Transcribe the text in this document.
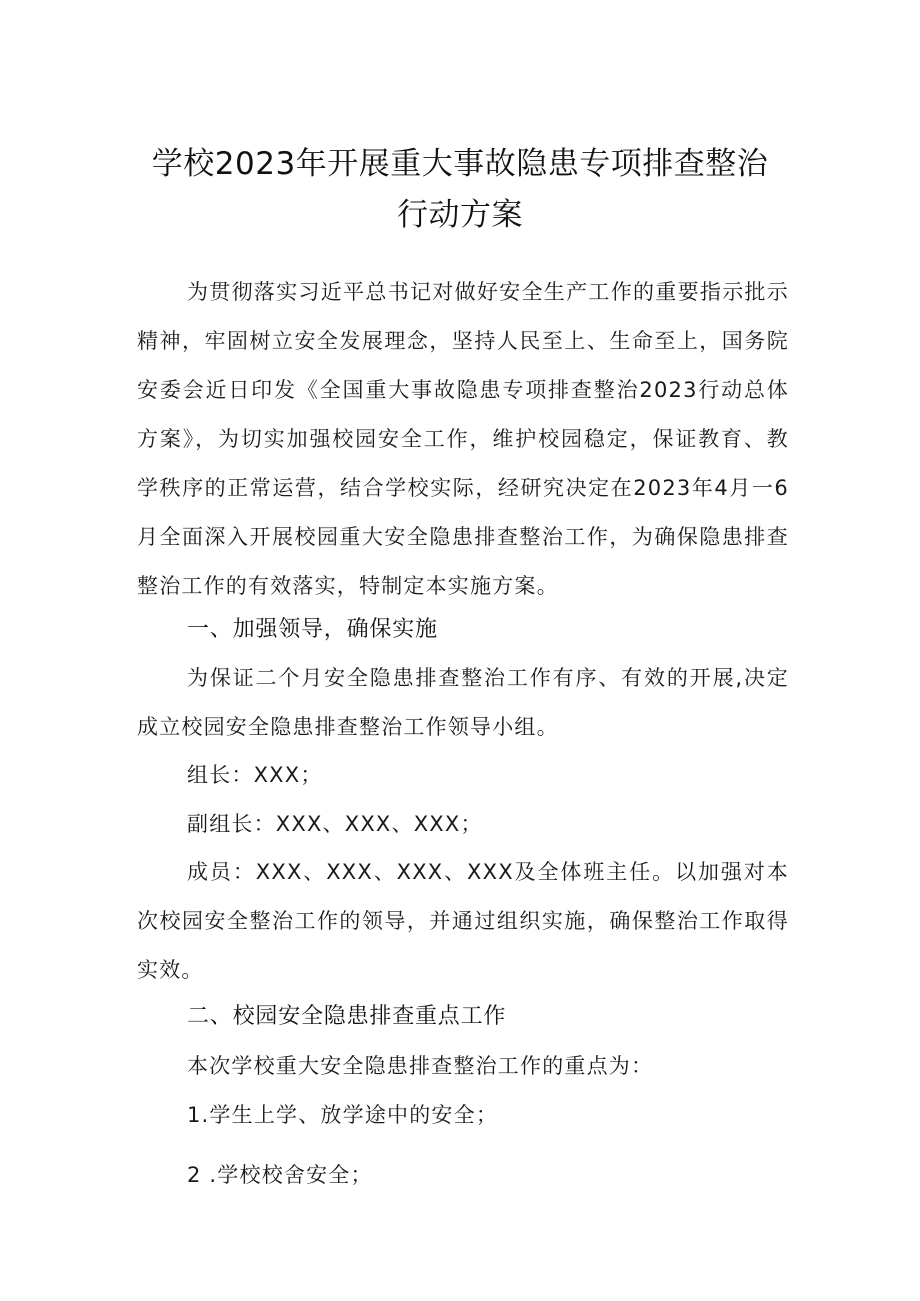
学校2023年开展重大事故隐患专项排查整治
行动方案
为贯彻落实习近平总书记对做好安全生产工作的重要指示批示精神，牢固树立安全发展理念，坚持人民至上、生命至上，国务院安委会近日印发《全国重大事故隐患专项排查整治2023行动总体方案》，为切实加强校园安全工作，维护校园稳定，保证教育、教学秩序的正常运营，结合学校实际，经研究决定在2023年4月一6月全面深入开展校园重大安全隐患排查整治工作，为确保隐患排查整治工作的有效落实，特制定本实施方案。
一、加强领导，确保实施
为保证二个月安全隐患排查整治工作有序、有效的开展,决定成立校园安全隐患排查整治工作领导小组。
组长：XXX；
副组长：XXX、XXX、XXX；
成员：XXX、XXX、XXX、XXX及全体班主任。以加强对本次校园安全整治工作的领导，并通过组织实施，确保整治工作取得实效。
二、校园安全隐患排查重点工作
本次学校重大安全隐患排查整治工作的重点为：
1.学生上学、放学途中的安全；
2 .学校校舍安全；
